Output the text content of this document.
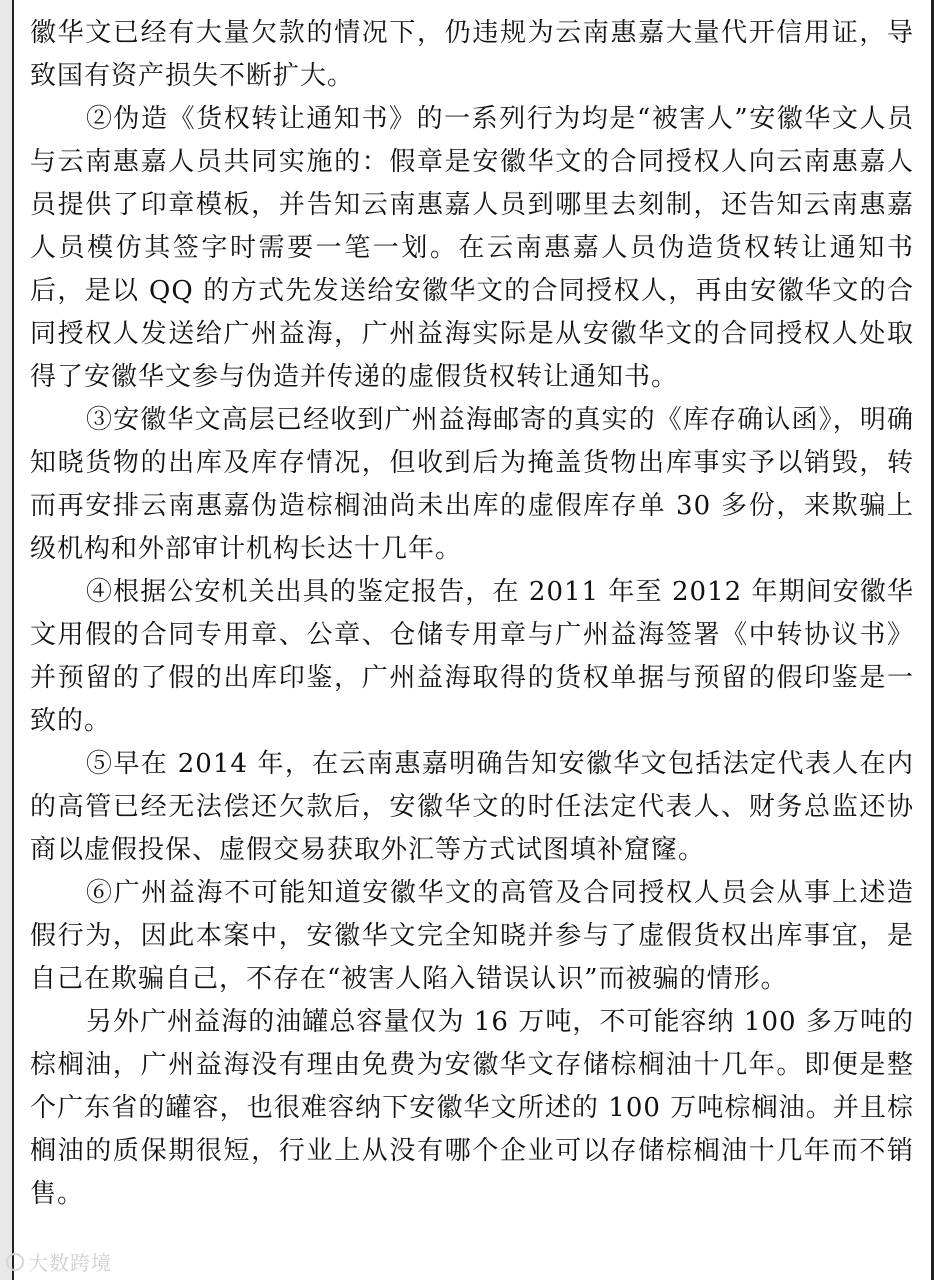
徽华文已经有大量欠款的情况下，仍违规为云南惠嘉大量代开信用证，导致国有资产损失不断扩大。

②伪造《货权转让通知书》的一系列行为均是“被害人”安徽华文人员与云南惠嘉人员共同实施的：假章是安徽华文的合同授权人向云南惠嘉人员提供了印章模板，并告知云南惠嘉人员到哪里去刻制，还告知云南惠嘉人员模仿其签字时需要一笔一划。在云南惠嘉人员伪造货权转让通知书后，是以 QQ 的方式先发送给安徽华文的合同授权人，再由安徽华文的合同授权人发送给广州益海，广州益海实际是从安徽华文的合同授权人处取得了安徽华文参与伪造并传递的虚假货权转让通知书。

③安徽华文高层已经收到广州益海邮寄的真实的《库存确认函》，明确知晓货物的出库及库存情况，但收到后为掩盖货物出库事实予以销毁，转而再安排云南惠嘉伪造棕榈油尚未出库的虚假库存单 30 多份，来欺骗上级机构和外部审计机构长达十几年。

④根据公安机关出具的鉴定报告，在 2011 年至 2012 年期间安徽华文用假的合同专用章、公章、仓储专用章与广州益海签署《中转协议书》并预留的了假的出库印鉴，广州益海取得的货权单据与预留的假印鉴是一致的。

⑤早在 2014 年，在云南惠嘉明确告知安徽华文包括法定代表人在内的高管已经无法偿还欠款后，安徽华文的时任法定代表人、财务总监还协商以虚假投保、虚假交易获取外汇等方式试图填补窟窿。

⑥广州益海不可能知道安徽华文的高管及合同授权人员会从事上述造假行为，因此本案中，安徽华文完全知晓并参与了虚假货权出库事宜，是自己在欺骗自己，不存在“被害人陷入错误认识”而被骗的情形。

另外广州益海的油罐总容量仅为 16 万吨，不可能容纳 100 多万吨的棕榈油，广州益海没有理由免费为安徽华文存储棕榈油十几年。即便是整个广东省的罐容，也很难容纳下安徽华文所述的 100 万吨棕榈油。并且棕榈油的质保期很短，行业上从没有哪个企业可以存储棕榈油十几年而不销售。

大数跨境
